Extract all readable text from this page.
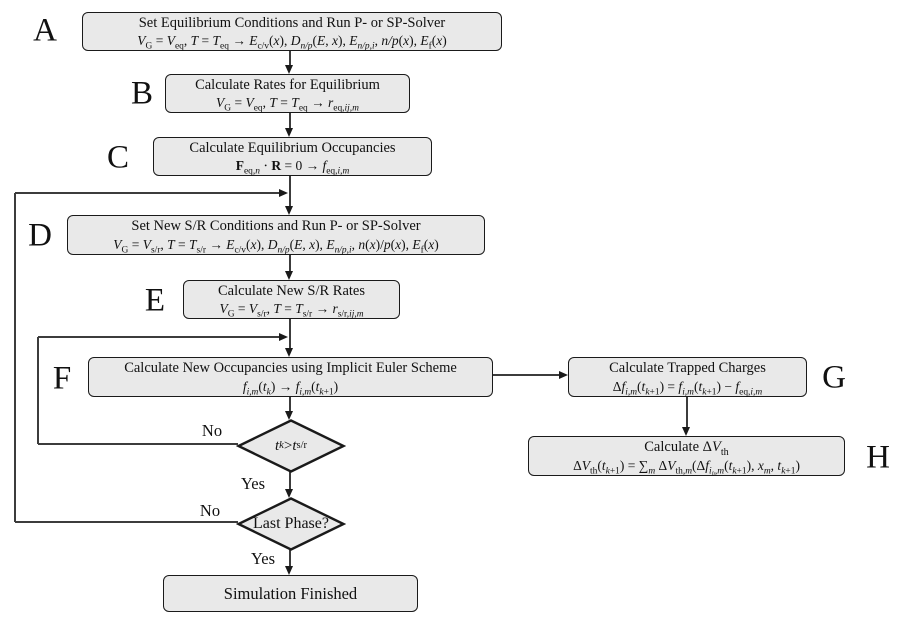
Set Equilibrium Conditions and Run P- or SP-Solver
$V_G = V_{eq}$, $T = T_{eq} \to E_{c/v}(x)$, $D_{n/p}(E$, x), $E_{n/p,i}$, n/p(x), $E_f(x)$
Calculate Rates for Equilibrium
$V_G = V_{eq}$, $T = T_{eq} \to r_{eq,ij,m}$
Calculate Equilibrium Occupancies
$F_{eq,n} \cdot R = 0 \to f_{eq,i,m}$
Set New S/R Conditions and Run P- or SP-Solver
$V_G = V_{s/r}$, $T = T_{s/r} \to E_{c/v}(x)$, $D_{n/p}(E$, x), $E_{n/p,i}$, n(x)/p(x), $E_f(x)$
Calculate New S/R Rates
$V_G = V_{s/r}$, $T = T_{s/r} \to r_{s/r,ij,m}$
Calculate New Occupancies using Implicit Euler Scheme
$f_{i,m}(t_k) \to f_{i,m}(t_{k+1})$
Calculate Trapped Charges
$\Delta f_{i,m}(t_{k+1}) = f_{i,m}(t_{k+1}) - f_{eq,i,m}$
Calculate $\Delta V_{th}$
$\Delta V_{th}(t_{k+1}) = \sum_m$ $\Delta V_{th,m}(\Delta f_{i_0,m}(t_{k+1})$, $x_m$, $t_{k+1}$)
A
B
C
D
E
F	G
H
t k > t s/r
Last Phase?
No
Yes
No
Yes
Simulation Finished
